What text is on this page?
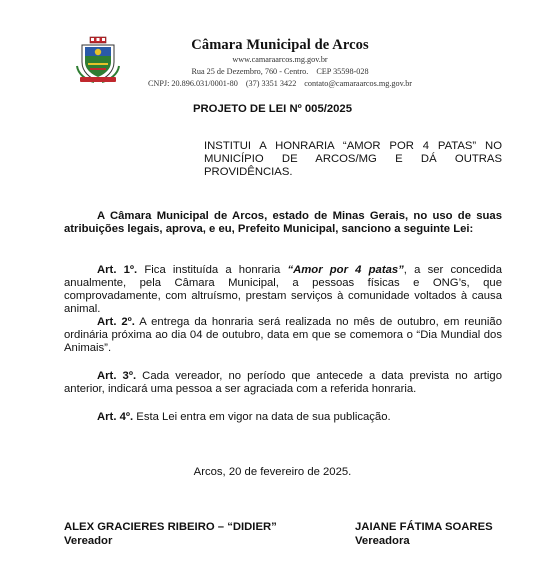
Câmara Municipal de Arcos
www.camaraarcos.mg.gov.br
Rua 25 de Dezembro, 760 - Centro. CEP 35598-028
CNPJ: 20.896.031/0001-80 (37) 3351 3422 contato@camaraarcos.mg.gov.br
PROJETO DE LEI Nº 005/2025
INSTITUI A HONRARIA “AMOR POR 4 PATAS” NO
MUNICÍPIO DE ARCOS/MG E DÁ OUTRAS
PROVIDÊNCIAS.
A Câmara Municipal de Arcos, estado de Minas Gerais, no uso de suas atribuições legais, aprova, e eu, Prefeito Municipal, sanciono a seguinte Lei:
Art. 1º. Fica instituída a honraria “Amor por 4 patas”, a ser concedida anualmente, pela Câmara Municipal, a pessoas físicas e ONG’s, que comprovadamente, com altruísmo, prestam serviços à comunidade voltados à causa animal.
Art. 2º. A entrega da honraria será realizada no mês de outubro, em reunião ordinária próxima ao dia 04 de outubro, data em que se comemora o “Dia Mundial dos Animais”.
Art. 3º. Cada vereador, no período que antecede a data prevista no artigo anterior, indicará uma pessoa a ser agraciada com a referida honraria.
Art. 4º. Esta Lei entra em vigor na data de sua publicação.
Arcos, 20 de fevereiro de 2025.
ALEX GRACIERES RIBEIRO – “DIDIER”
Vereador
JAIANE FÁTIMA SOARES
Vereadora
